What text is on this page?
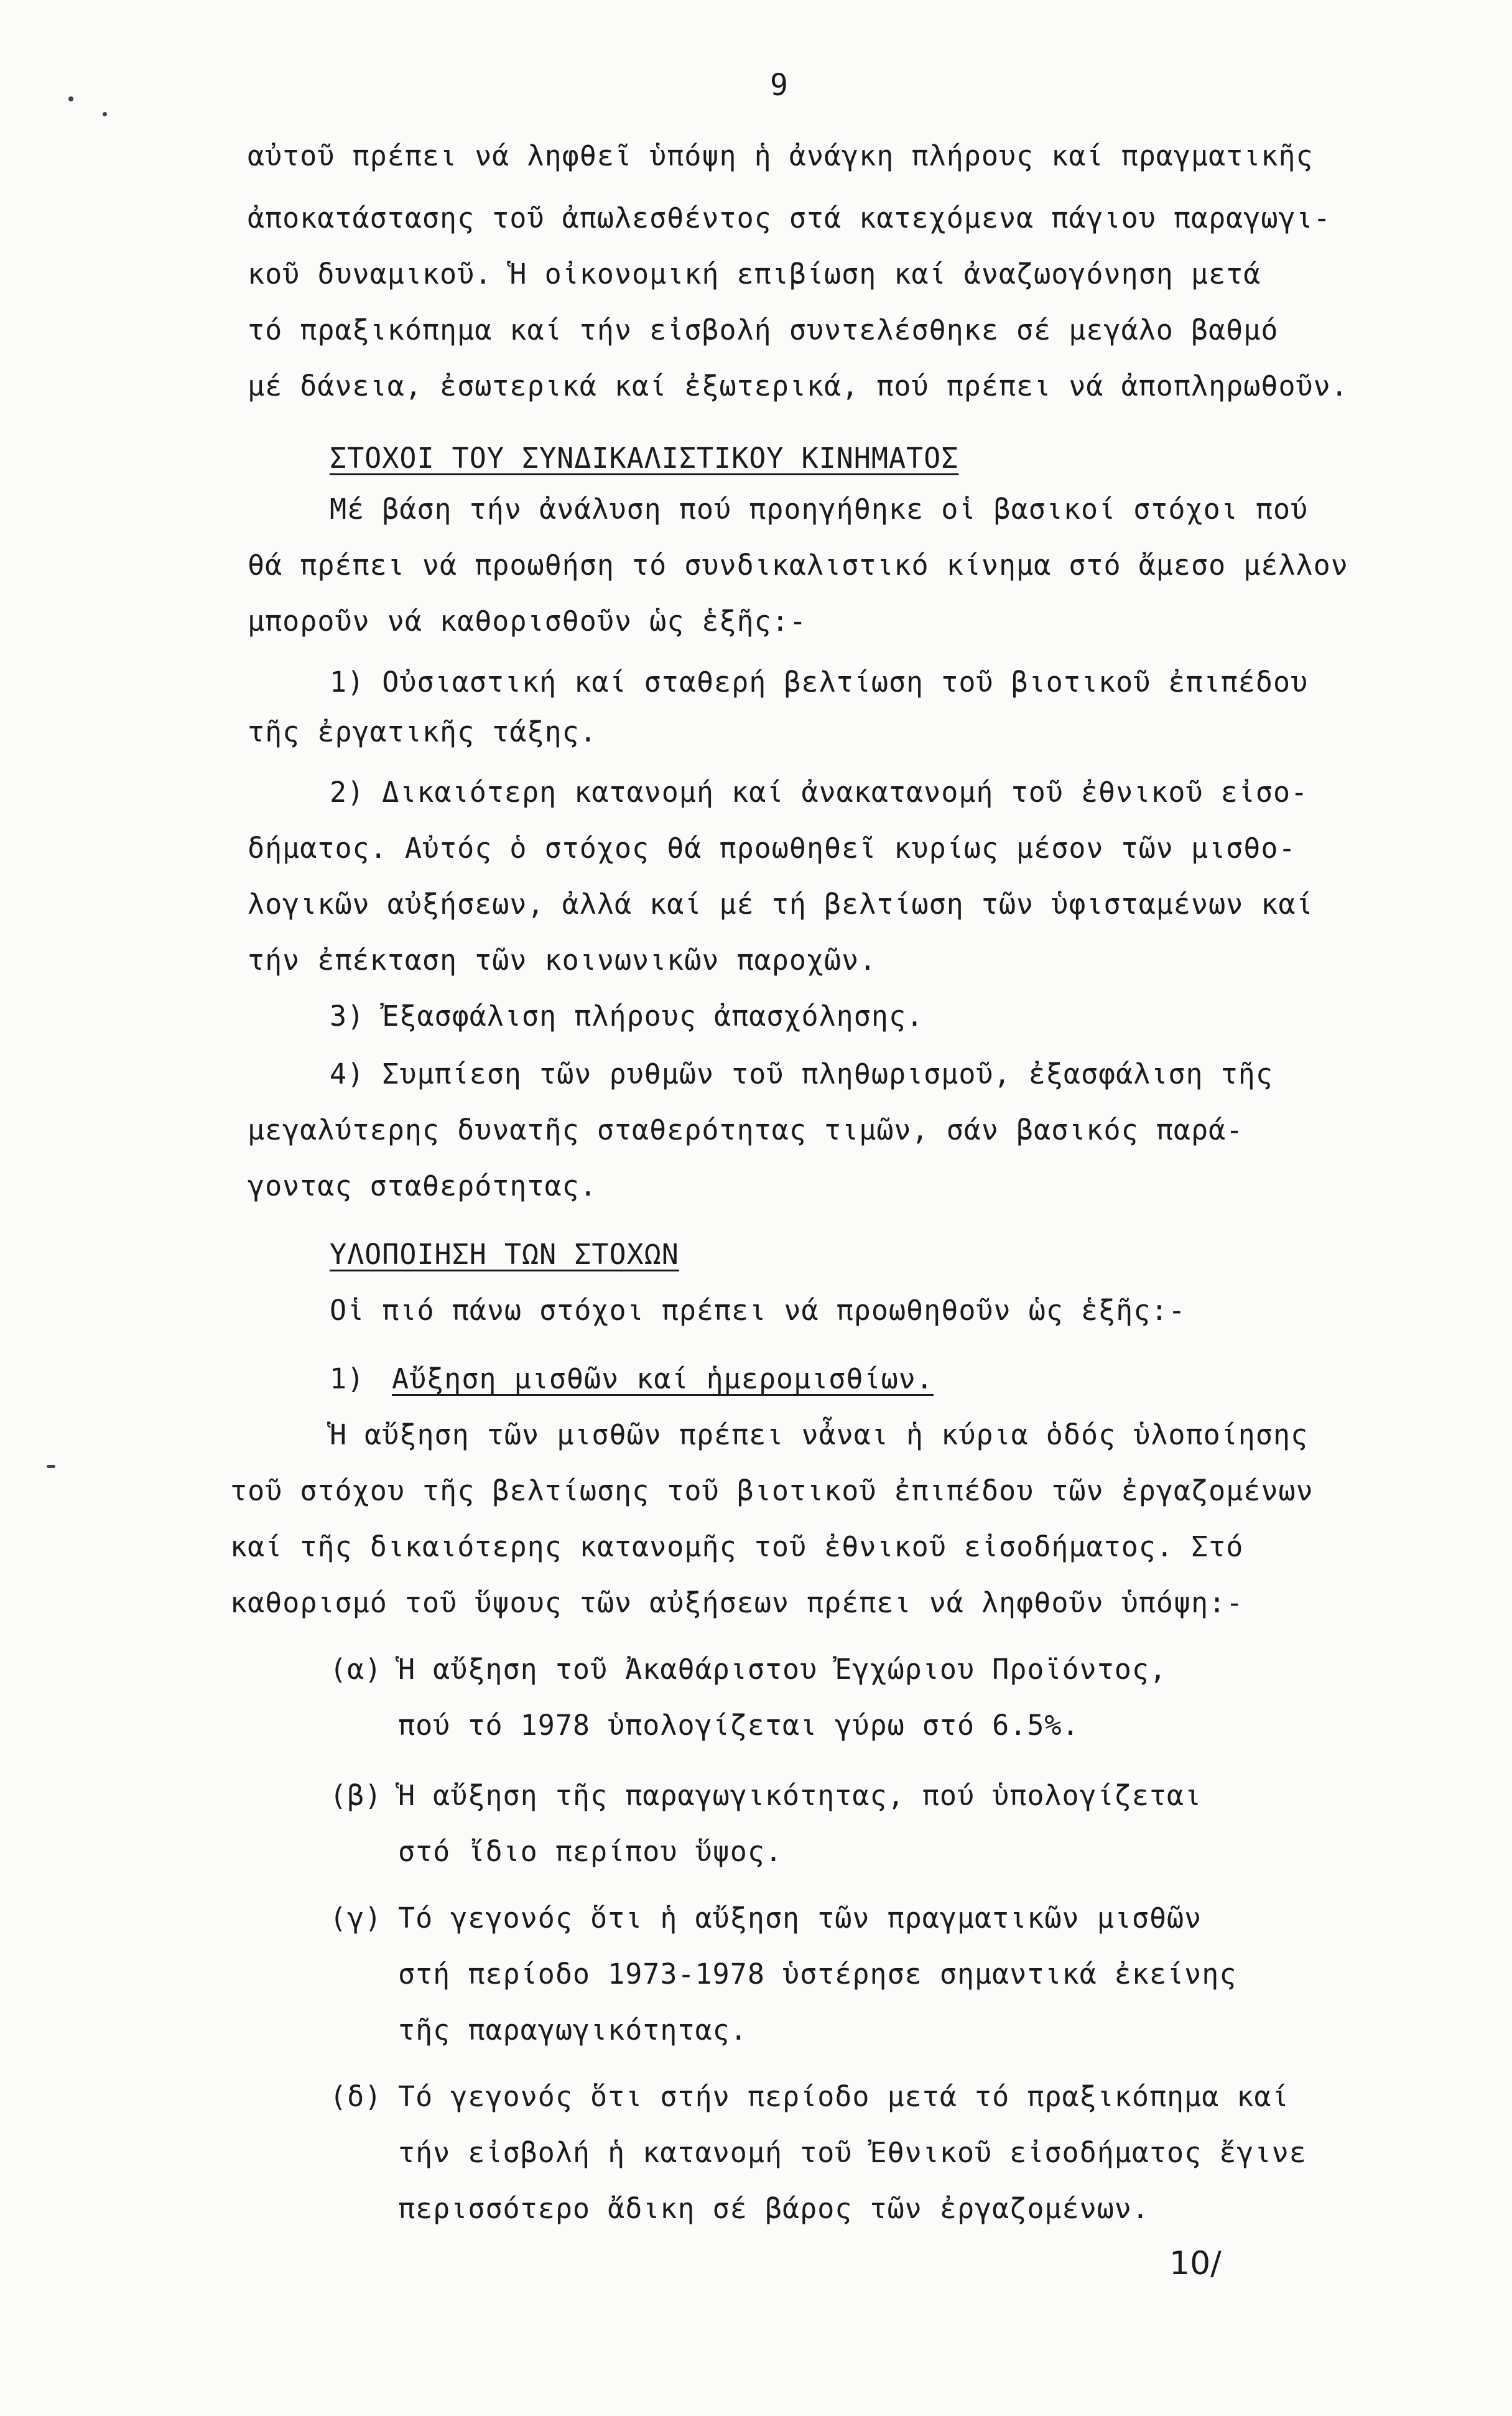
9
αὐτοῦ πρέπει νά ληφθεῖ ὑπόψη ἡ ἀνάγκη πλήρους καί πραγματικῆς
ἀποκατάστασης τοῦ ἀπωλεσθέντος στά κατεχόμενα πάγιου παραγωγι-
κοῦ δυναμικοῦ. Ἡ οἰκονομική επιβίωση καί ἀναζωογόνηση μετά
τό πραξικόπημα καί τήν εἰσβολή συντελέσθηκε σέ μεγάλο βαθμό
μέ δάνεια, ἐσωτερικά καί ἐξωτερικά, πού πρέπει νά ἀποπληρωθοῦν.
ΣΤΟΧΟΙ ΤΟΥ ΣΥΝΔΙΚΑΛΙΣΤΙΚΟΥ ΚΙΝΗΜΑΤΟΣ
Μέ βάση τήν ἀνάλυση πού προηγήθηκε οἱ βασικοί στόχοι πού
θά πρέπει νά προωθήση τό συνδικαλιστικό κίνημα στό ἄμεσο μέλλον
μποροῦν νά καθορισθοῦν ὡς ἑξῆς:-
1) Οὐσιαστική καί σταθερή βελτίωση τοῦ βιοτικοῦ ἐπιπέδου
τῆς ἐργατικῆς τάξης.
2) Δικαιότερη κατανομή καί ἀνακατανομή τοῦ ἐθνικοῦ εἰσο-
δήματος. Αὐτός ὁ στόχος θά προωθηθεῖ κυρίως μέσον τῶν μισθο-
λογικῶν αὐξήσεων, ἀλλά καί μέ τή βελτίωση τῶν ὑφισταμένων καί
τήν ἐπέκταση τῶν κοινωνικῶν παροχῶν.
3) Ἐξασφάλιση πλήρους ἀπασχόλησης.
4) Συμπίεση τῶν ρυθμῶν τοῦ πληθωρισμοῦ, ἐξασφάλιση τῆς
μεγαλύτερης δυνατῆς σταθερότητας τιμῶν, σάν βασικός παρά-
γοντας σταθερότητας.
ΥΛΟΠΟΙΗΣΗ ΤΩΝ ΣΤΟΧΩΝ
Οἱ πιό πάνω στόχοι πρέπει νά προωθηθοῦν ὡς ἑξῆς:-
1) Αὔξηση μισθῶν καί ἡμερομισθίων.
Ἡ αὔξηση τῶν μισθῶν πρέπει νἆναι ἡ κύρια ὁδός ὑλοποίησης
τοῦ στόχου τῆς βελτίωσης τοῦ βιοτικοῦ ἐπιπέδου τῶν ἐργαζομένων
καί τῆς δικαιότερης κατανομῆς τοῦ ἐθνικοῦ εἰσοδήματος. Στό
καθορισμό τοῦ ὕψους τῶν αὐξήσεων πρέπει νά ληφθοῦν ὑπόψη:-
(α) Ἡ αὔξηση τοῦ Ἀκαθάριστου Ἐγχώριου Προϊόντος,
πού τό 1978 ὑπολογίζεται γύρω στό 6.5%.
(β) Ἡ αὔξηση τῆς παραγωγικότητας, πού ὑπολογίζεται
στό ἴδιο περίπου ὕψος.
(γ) Τό γεγονός ὅτι ἡ αὔξηση τῶν πραγματικῶν μισθῶν
στή περίοδο 1973-1978 ὑστέρησε σημαντικά ἐκείνης
τῆς παραγωγικότητας.
(δ) Τό γεγονός ὅτι στήν περίοδο μετά τό πραξικόπημα καί
τήν εἰσβολή ἡ κατανομή τοῦ Ἐθνικοῦ εἰσοδήματος ἔγινε
περισσότερο ἄδικη σέ βάρος τῶν ἐργαζομένων.
10/
